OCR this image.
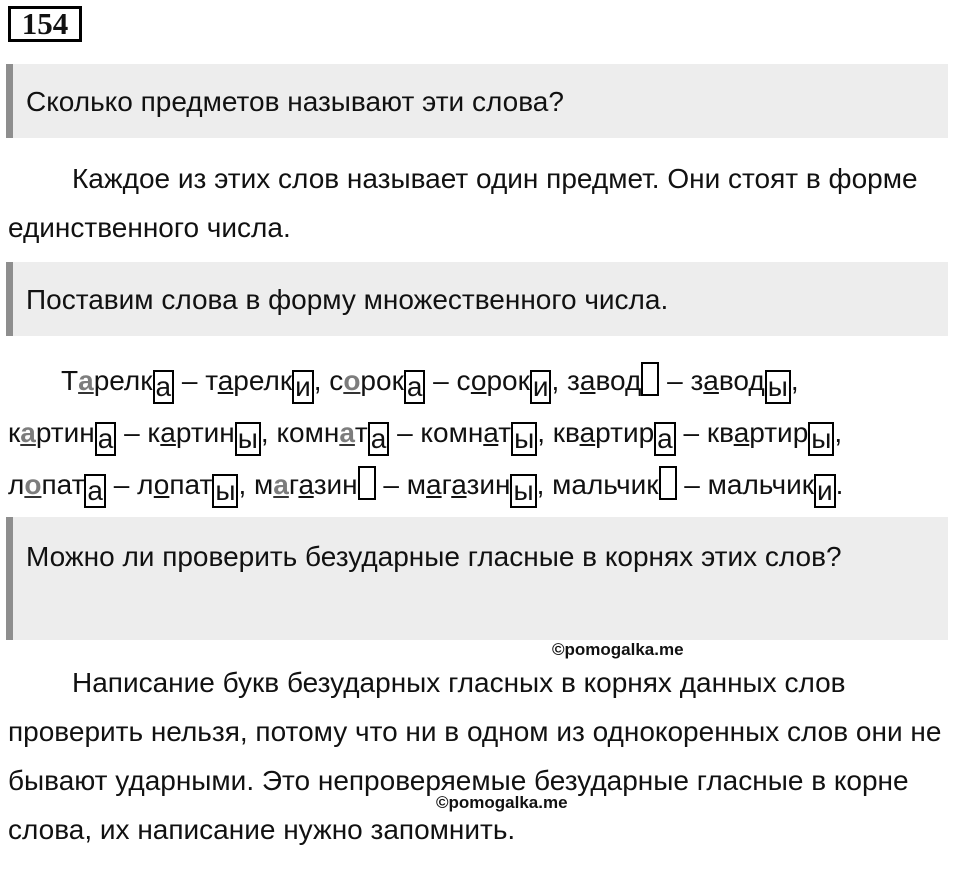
154
Сколько предметов называют эти слова?

Каждое из этих слов называет один предмет. Они стоят в форме единственного числа.

Поставим слова в форму множественного числа.
Тарелк а – тарелк и , сорок а – сорок и , завод – завод ы ,
картин а – картин ы , комнат а – комнат ы , квартир а – квартир ы ,
лопат а – лопат ы , магазин – магазин ы , мальчик – мальчик и .
Можно ли проверить безударные гласные в корнях этих слов?
©pomogalka.me

Написание букв безударных гласных в корнях данных слов проверить нельзя, потому что ни в одном из однокоренных слов они не бывают ударными. Это непроверяемые безударные гласные в корне слова, их написание нужно запомнить.

©pomogalka.me
